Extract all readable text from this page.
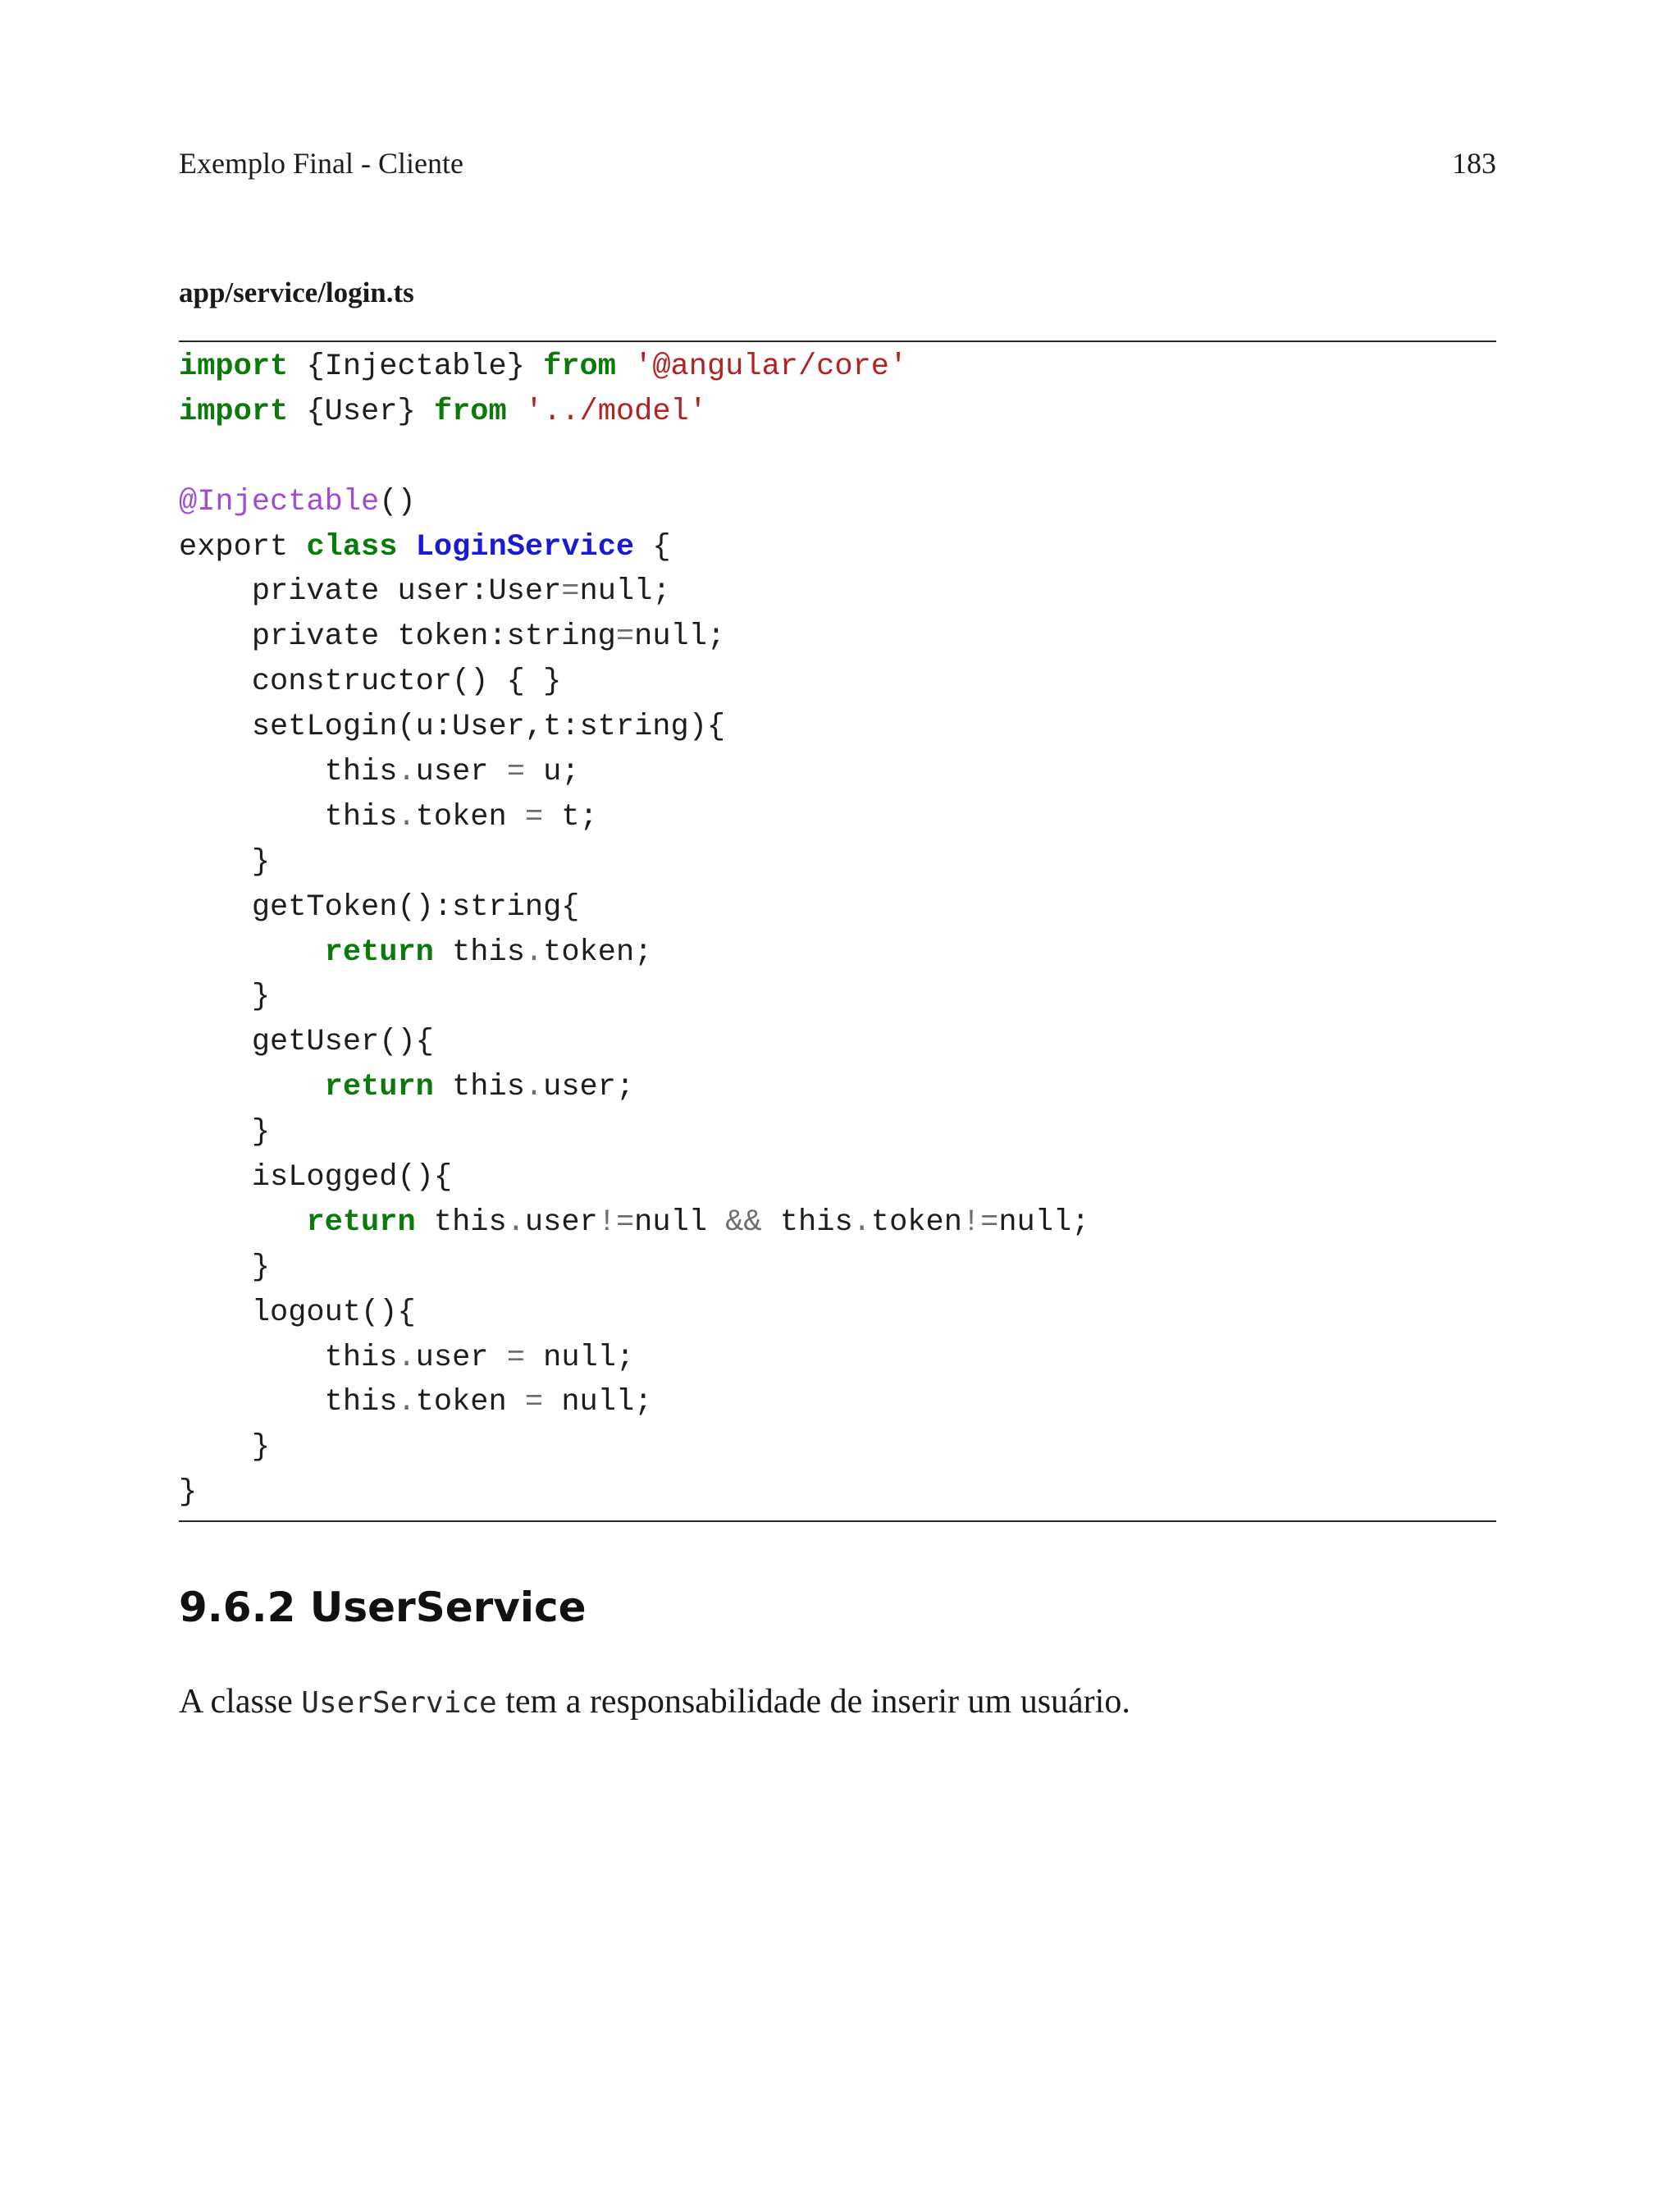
Exemplo Final - Cliente	183
app/service/login.ts
import {Injectable} from '@angular/core'
import {User} from '../model'

@Injectable()
export class LoginService {
private user:User=null;
private token:string=null;
constructor() { }
setLogin(u:User,t:string){
this.user = u;
this.token = t;
}
getToken():string{
return this.token;
}
getUser(){
return this.user;
}
isLogged(){
return this.user!=null && this.token!=null;
}
logout(){
this.user = null;
this.token = null;
}
}
9.6.2 UserService
A classe UserService tem a responsabilidade de inserir um usuário.
